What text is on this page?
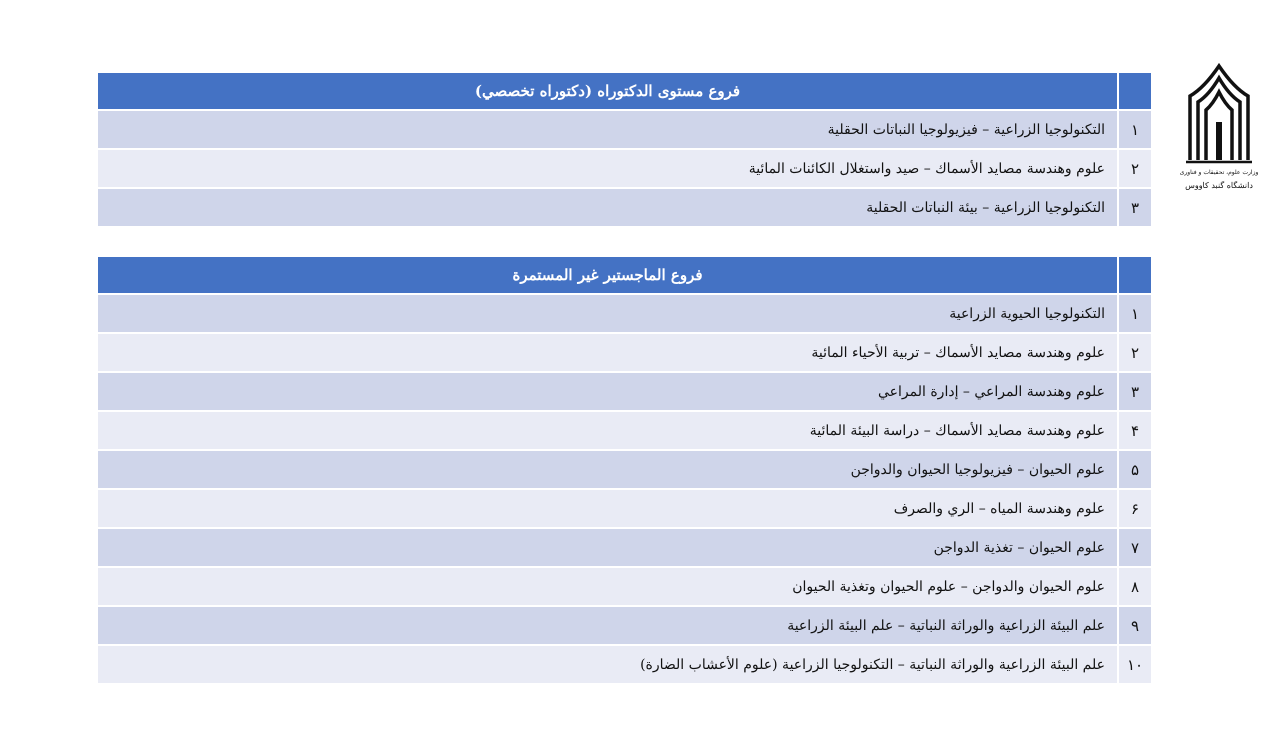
	فروع مستوى الدكتوراه (دكتوراه تخصصي)
١	التكنولوجيا الزراعية – فيزيولوجيا النباتات الحقلية
٢	علوم وهندسة مصايد الأسماك – صيد واستغلال الكائنات المائية
٣	التكنولوجيا الزراعية – بيئة النباتات الحقلية
	فروع الماجستير غير المستمرة
١	التكنولوجيا الحيوية الزراعية
٢	علوم وهندسة مصايد الأسماك – تربية الأحياء المائية
٣	علوم وهندسة المراعي – إدارة المراعي
۴	علوم وهندسة مصايد الأسماك – دراسة البيئة المائية
۵	علوم الحيوان – فيزيولوجيا الحيوان والدواجن
۶	علوم وهندسة المياه – الري والصرف
٧	علوم الحيوان – تغذية الدواجن
٨	علوم الحيوان والدواجن – علوم الحيوان وتغذية الحيوان
٩	علم البيئة الزراعية والوراثة النباتية – علم البيئة الزراعية
١٠	علم البيئة الزراعية والوراثة النباتية – التكنولوجيا الزراعية (علوم الأعشاب الضارة)
وزارت علوم، تحقیقات و فناوری
دانشگاه گنبد کاووس
